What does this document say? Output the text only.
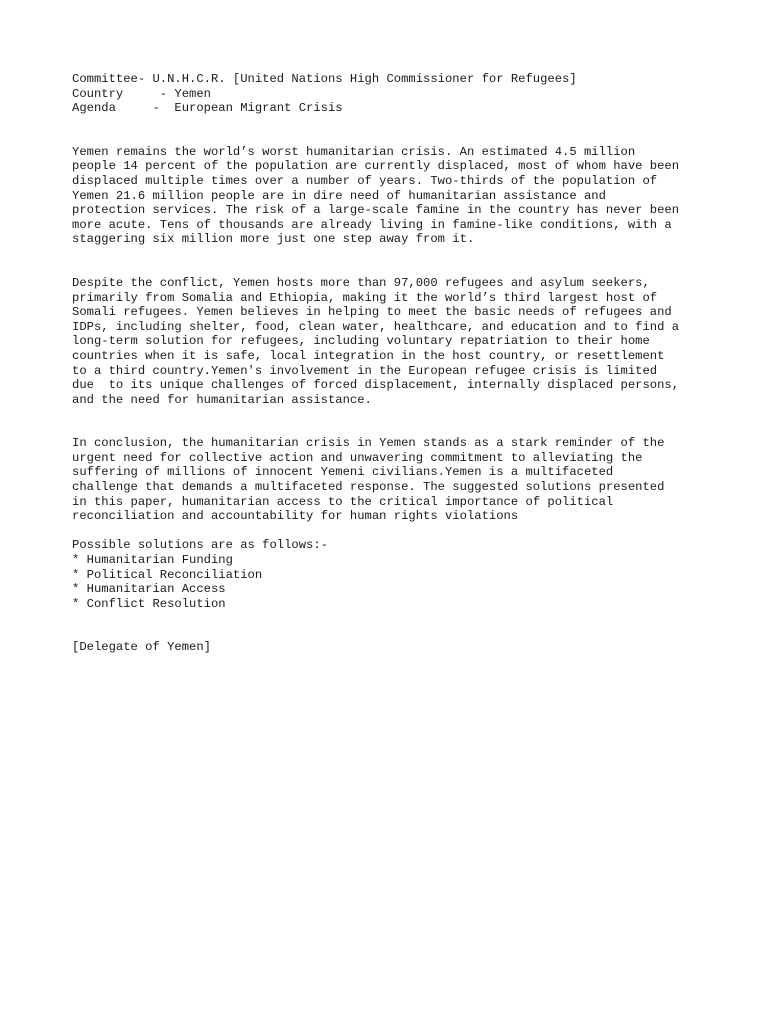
Committee- U.N.H.C.R. [United Nations High Commissioner for Refugees]
Country     - Yemen
Agenda     -  European Migrant Crisis
Yemen remains the world’s worst humanitarian crisis. An estimated 4.5 million
people 14 percent of the population are currently displaced, most of whom have been
displaced multiple times over a number of years. Two-thirds of the population of
Yemen 21.6 million people are in dire need of humanitarian assistance and
protection services. The risk of a large-scale famine in the country has never been
more acute. Tens of thousands are already living in famine-like conditions, with a
staggering six million more just one step away from it.
Despite the conflict, Yemen hosts more than 97,000 refugees and asylum seekers,
primarily from Somalia and Ethiopia, making it the world’s third largest host of
Somali refugees. Yemen believes in helping to meet the basic needs of refugees and
IDPs, including shelter, food, clean water, healthcare, and education and to find a
long-term solution for refugees, including voluntary repatriation to their home
countries when it is safe, local integration in the host country, or resettlement
to a third country.Yemen's involvement in the European refugee crisis is limited
due  to its unique challenges of forced displacement, internally displaced persons,
and the need for humanitarian assistance.
In conclusion, the humanitarian crisis in Yemen stands as a stark reminder of the
urgent need for collective action and unwavering commitment to alleviating the
suffering of millions of innocent Yemeni civilians.Yemen is a multifaceted
challenge that demands a multifaceted response. The suggested solutions presented
in this paper, humanitarian access to the critical importance of political
reconciliation and accountability for human rights violations
Possible solutions are as follows:-
* Humanitarian Funding
* Political Reconciliation
* Humanitarian Access
* Conflict Resolution
[Delegate of Yemen]
